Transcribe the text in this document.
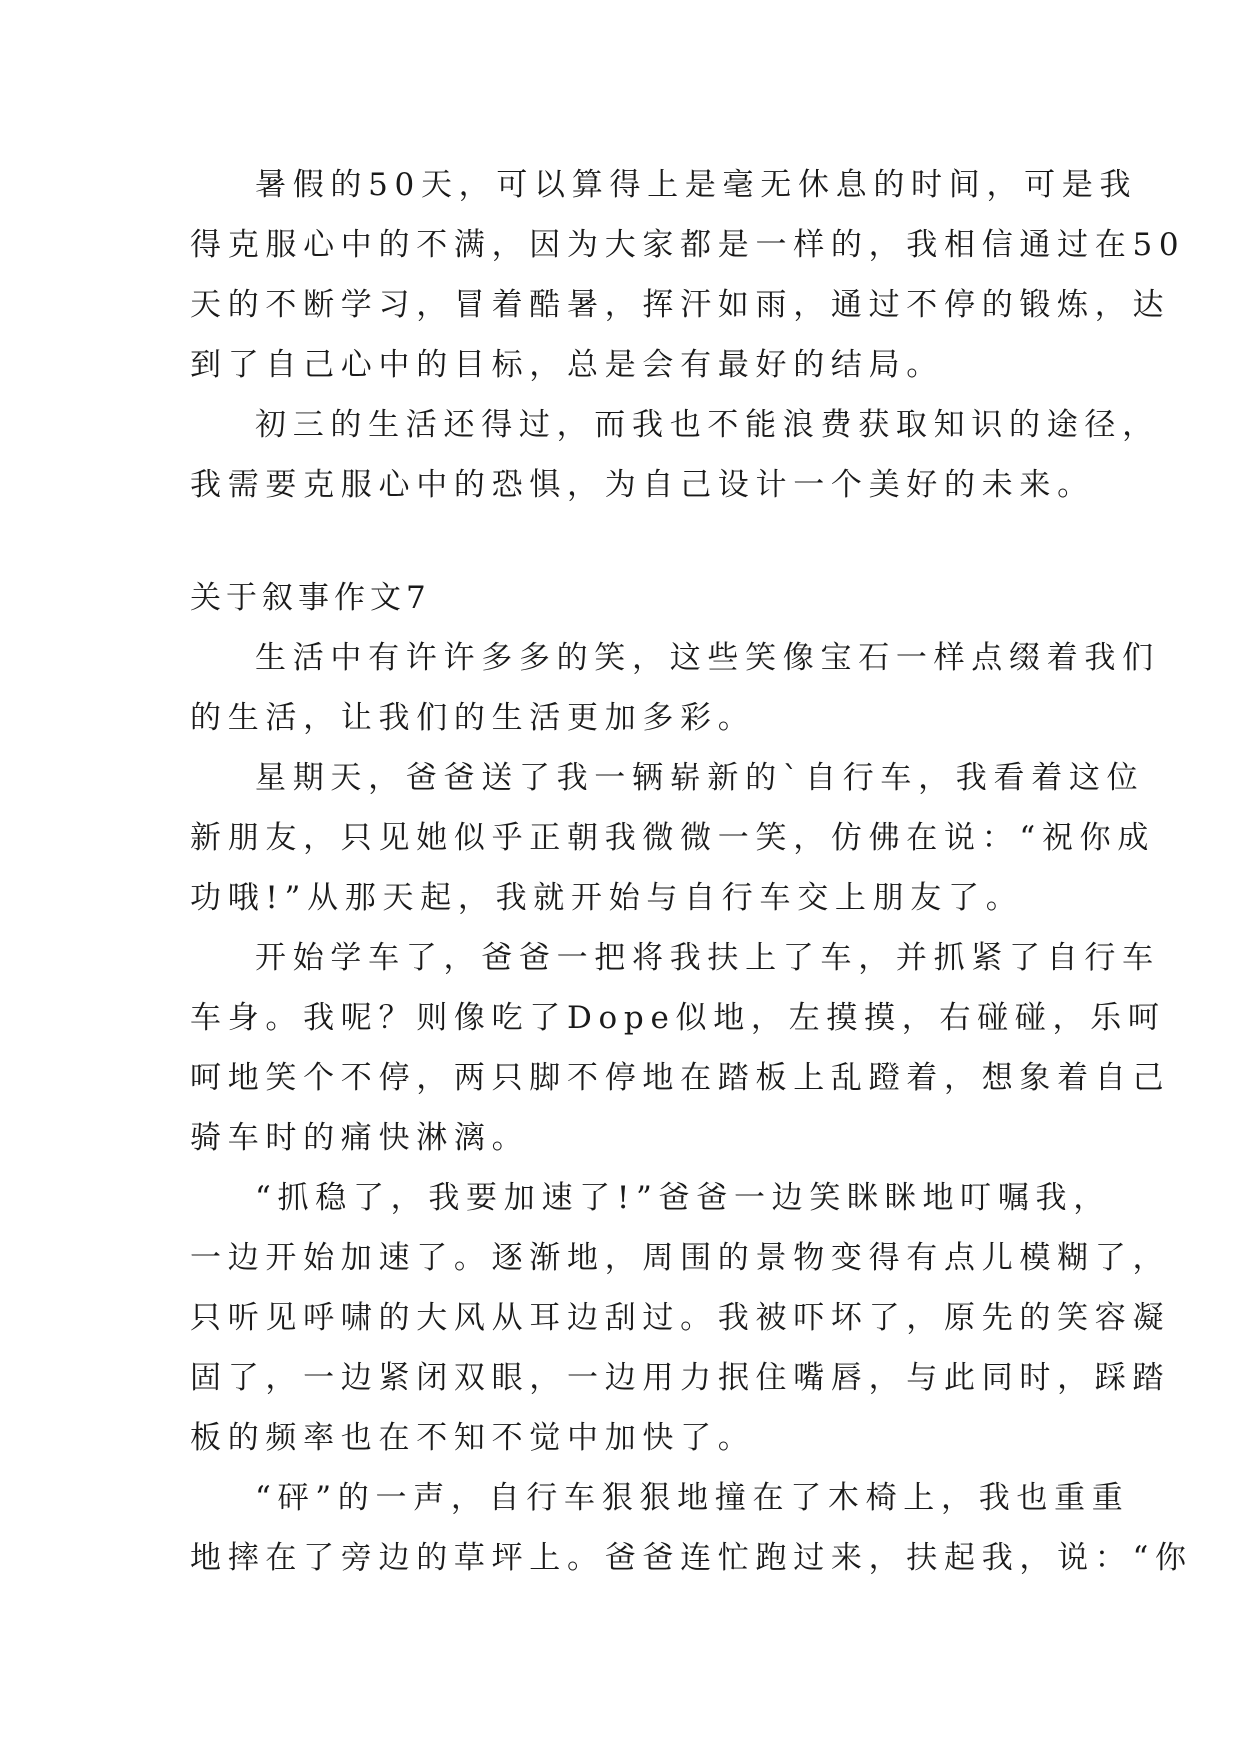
暑假的50天，可以算得上是毫无休息的时间，可是我
得克服心中的不满，因为大家都是一样的，我相信通过在50
天的不断学习，冒着酷暑，挥汗如雨，通过不停的锻炼，达
到了自己心中的目标，总是会有最好的结局。
初三的生活还得过，而我也不能浪费获取知识的途径，
我需要克服心中的恐惧，为自己设计一个美好的未来。
关于叙事作文7
生活中有许许多多的笑，这些笑像宝石一样点缀着我们
的生活，让我们的生活更加多彩。
星期天，爸爸送了我一辆崭新的`自行车，我看着这位
新朋友，只见她似乎正朝我微微一笑，仿佛在说：“祝你成
功哦!”从那天起，我就开始与自行车交上朋友了。
开始学车了，爸爸一把将我扶上了车，并抓紧了自行车
车身。我呢？则像吃了Dope似地，左摸摸，右碰碰，乐呵
呵地笑个不停，两只脚不停地在踏板上乱蹬着，想象着自己
骑车时的痛快淋漓。
“抓稳了，我要加速了!”爸爸一边笑眯眯地叮嘱我，
一边开始加速了。逐渐地，周围的景物变得有点儿模糊了，
只听见呼啸的大风从耳边刮过。我被吓坏了，原先的笑容凝
固了，一边紧闭双眼，一边用力抿住嘴唇，与此同时，踩踏
板的频率也在不知不觉中加快了。
“砰”的一声，自行车狠狠地撞在了木椅上，我也重重
地摔在了旁边的草坪上。爸爸连忙跑过来，扶起我，说：“你
